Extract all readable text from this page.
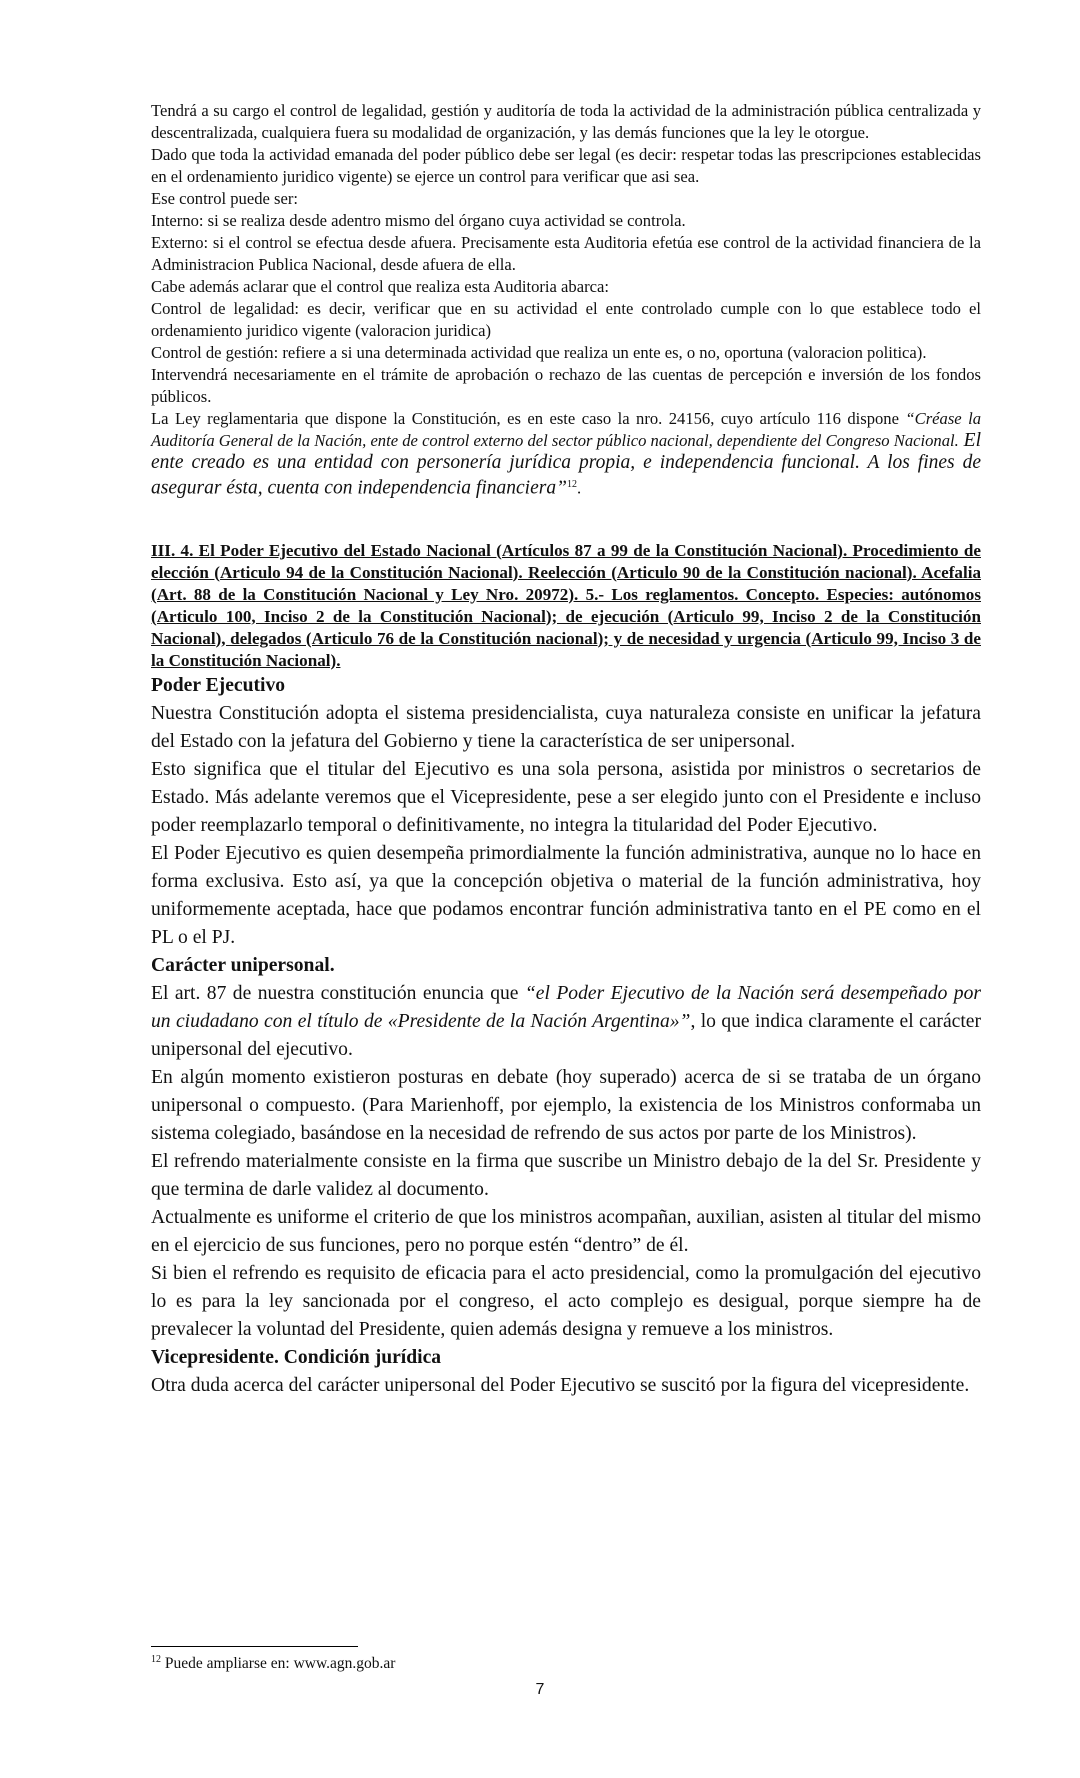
Tendrá a su cargo el control de legalidad, gestión y auditoría de toda la actividad de la administración pública centralizada y descentralizada, cualquiera fuera su modalidad de organización, y las demás funciones que la ley le otorgue.

Dado que toda la actividad emanada del poder público debe ser legal (es decir: respetar todas las prescripciones establecidas en el ordenamiento juridico vigente) se ejerce un control para verificar que asi sea.

Ese control puede ser:

Interno: si se realiza desde adentro mismo del órgano cuya actividad se controla.

Externo: si el control se efectua desde afuera. Precisamente esta Auditoria efetúa ese control de la actividad financiera de la Administracion Publica Nacional, desde afuera de ella.

Cabe además aclarar que el control que realiza esta Auditoria abarca:

Control de legalidad: es decir, verificar que en su actividad el ente controlado cumple con lo que establece todo el ordenamiento juridico vigente (valoracion juridica)

Control de gestión: refiere a si una determinada actividad que realiza un ente es, o no, oportuna (valoracion politica).

Intervendrá necesariamente en el trámite de aprobación o rechazo de las cuentas de percepción e inversión de los fondos públicos.

La Ley reglamentaria que dispone la Constitución, es en este caso la nro. 24156, cuyo artículo 116 dispone “Créase la Auditoría General de la Nación, ente de control externo del sector público nacional, dependiente del Congreso Nacional. El ente creado es una entidad con personería jurídica propia, e independencia funcional. A los fines de asegurar ésta, cuenta con independencia financiera”$^{12}$.

III. 4. El Poder Ejecutivo del Estado Nacional (Artículos 87 a 99 de la Constitución Nacional). Procedimiento de elección (Articulo 94 de la Constitución Nacional). Reelección (Articulo 90 de la Constitución nacional). Acefalia (Art. 88 de la Constitución Nacional y Ley Nro. 20972). 5.- Los reglamentos. Concepto. Especies: autónomos (Articulo 100, Inciso 2 de la Constitución Nacional); de ejecución (Articulo 99, Inciso 2 de la Constitución Nacional), delegados (Articulo 76 de la Constitución nacional); y de necesidad y urgencia (Articulo 99, Inciso 3 de la Constitución Nacional).
Poder Ejecutivo

Nuestra Constitución adopta el sistema presidencialista, cuya naturaleza consiste en unificar la jefatura del Estado con la jefatura del Gobierno y tiene la característica de ser unipersonal.

Esto significa que el titular del Ejecutivo es una sola persona, asistida por ministros o secretarios de Estado. Más adelante veremos que el Vicepresidente, pese a ser elegido junto con el Presidente e incluso poder reemplazarlo temporal o definitivamente, no integra la titularidad del Poder Ejecutivo.

El Poder Ejecutivo es quien desempeña primordialmente la función administrativa, aunque no lo hace en forma exclusiva. Esto así, ya que la concepción objetiva o material de la función administrativa, hoy uniformemente aceptada, hace que podamos encontrar función administrativa tanto en el PE como en el PL o el PJ.

Carácter unipersonal.

El art. 87 de nuestra constitución enuncia que “el Poder Ejecutivo de la Nación será desempeñado por un ciudadano con el título de «Presidente de la Nación Argentina»”, lo que indica claramente el carácter unipersonal del ejecutivo.

En algún momento existieron posturas en debate (hoy superado) acerca de si se trataba de un órgano unipersonal o compuesto. (Para Marienhoff, por ejemplo, la existencia de los Ministros conformaba un sistema colegiado, basándose en la necesidad de refrendo de sus actos por parte de los Ministros).

El refrendo materialmente consiste en la firma que suscribe un Ministro debajo de la del Sr. Presidente y que termina de darle validez al documento.

Actualmente es uniforme el criterio de que los ministros acompañan, auxilian, asisten al titular del mismo en el ejercicio de sus funciones, pero no porque estén “dentro” de él.

Si bien el refrendo es requisito de eficacia para el acto presidencial, como la promulgación del ejecutivo lo es para la ley sancionada por el congreso, el acto complejo es desigual, porque siempre ha de prevalecer la voluntad del Presidente, quien además designa y remueve a los ministros.

Vicepresidente. Condición jurídica

Otra duda acerca del carácter unipersonal del Poder Ejecutivo se suscitó por la figura del vicepresidente.

$^{12}$ Puede ampliarse en: www.agn.gob.ar
7
